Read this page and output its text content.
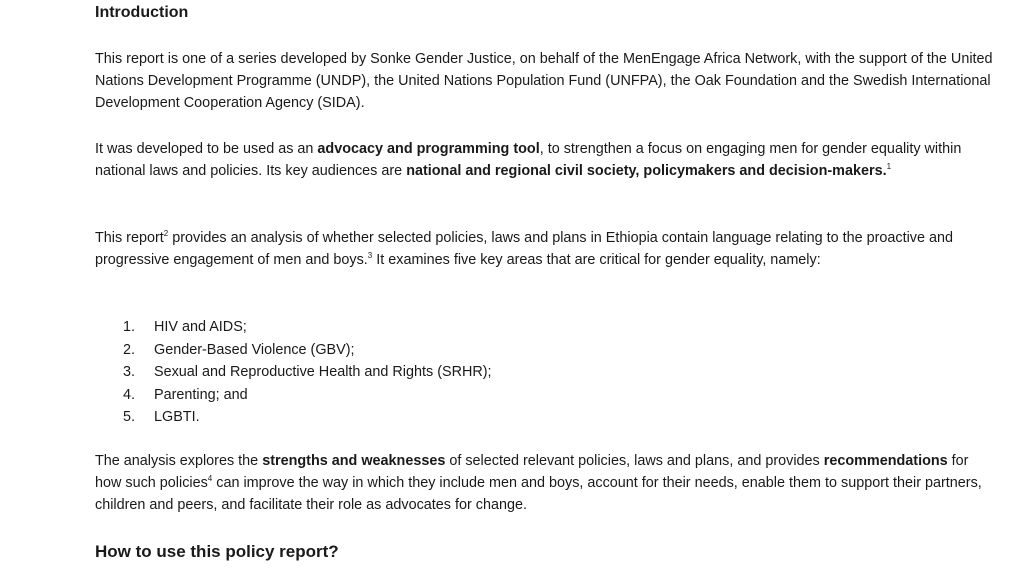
Introduction

This report is one of a series developed by Sonke Gender Justice, on behalf of the MenEngage Africa Network, with the support of the United Nations Development Programme (UNDP), the United Nations Population Fund (UNFPA), the Oak Foundation and the Swedish International Development Cooperation Agency (SIDA).

It was developed to be used as an advocacy and programming tool, to strengthen a focus on engaging men for gender equality within national laws and policies. Its key audiences are national and regional civil society, policymakers and decision-makers.$^1$

This report$^2$ provides an analysis of whether selected policies, laws and plans in Ethiopia contain language relating to the proactive and progressive engagement of men and boys.$^3$ It examines five key areas that are critical for gender equality, namely:

1.	HIV and AIDS;
2.	Gender-Based Violence (GBV);
3.	Sexual and Reproductive Health and Rights (SRHR);
4.	Parenting; and
5.	LGBTI.

The analysis explores the strengths and weaknesses of selected relevant policies, laws and plans, and provides recommendations for how such policies$^4$ can improve the way in which they include men and boys, account for their needs, enable them to support their partners, children and peers, and facilitate their role as advocates for change.

How to use this policy report?
